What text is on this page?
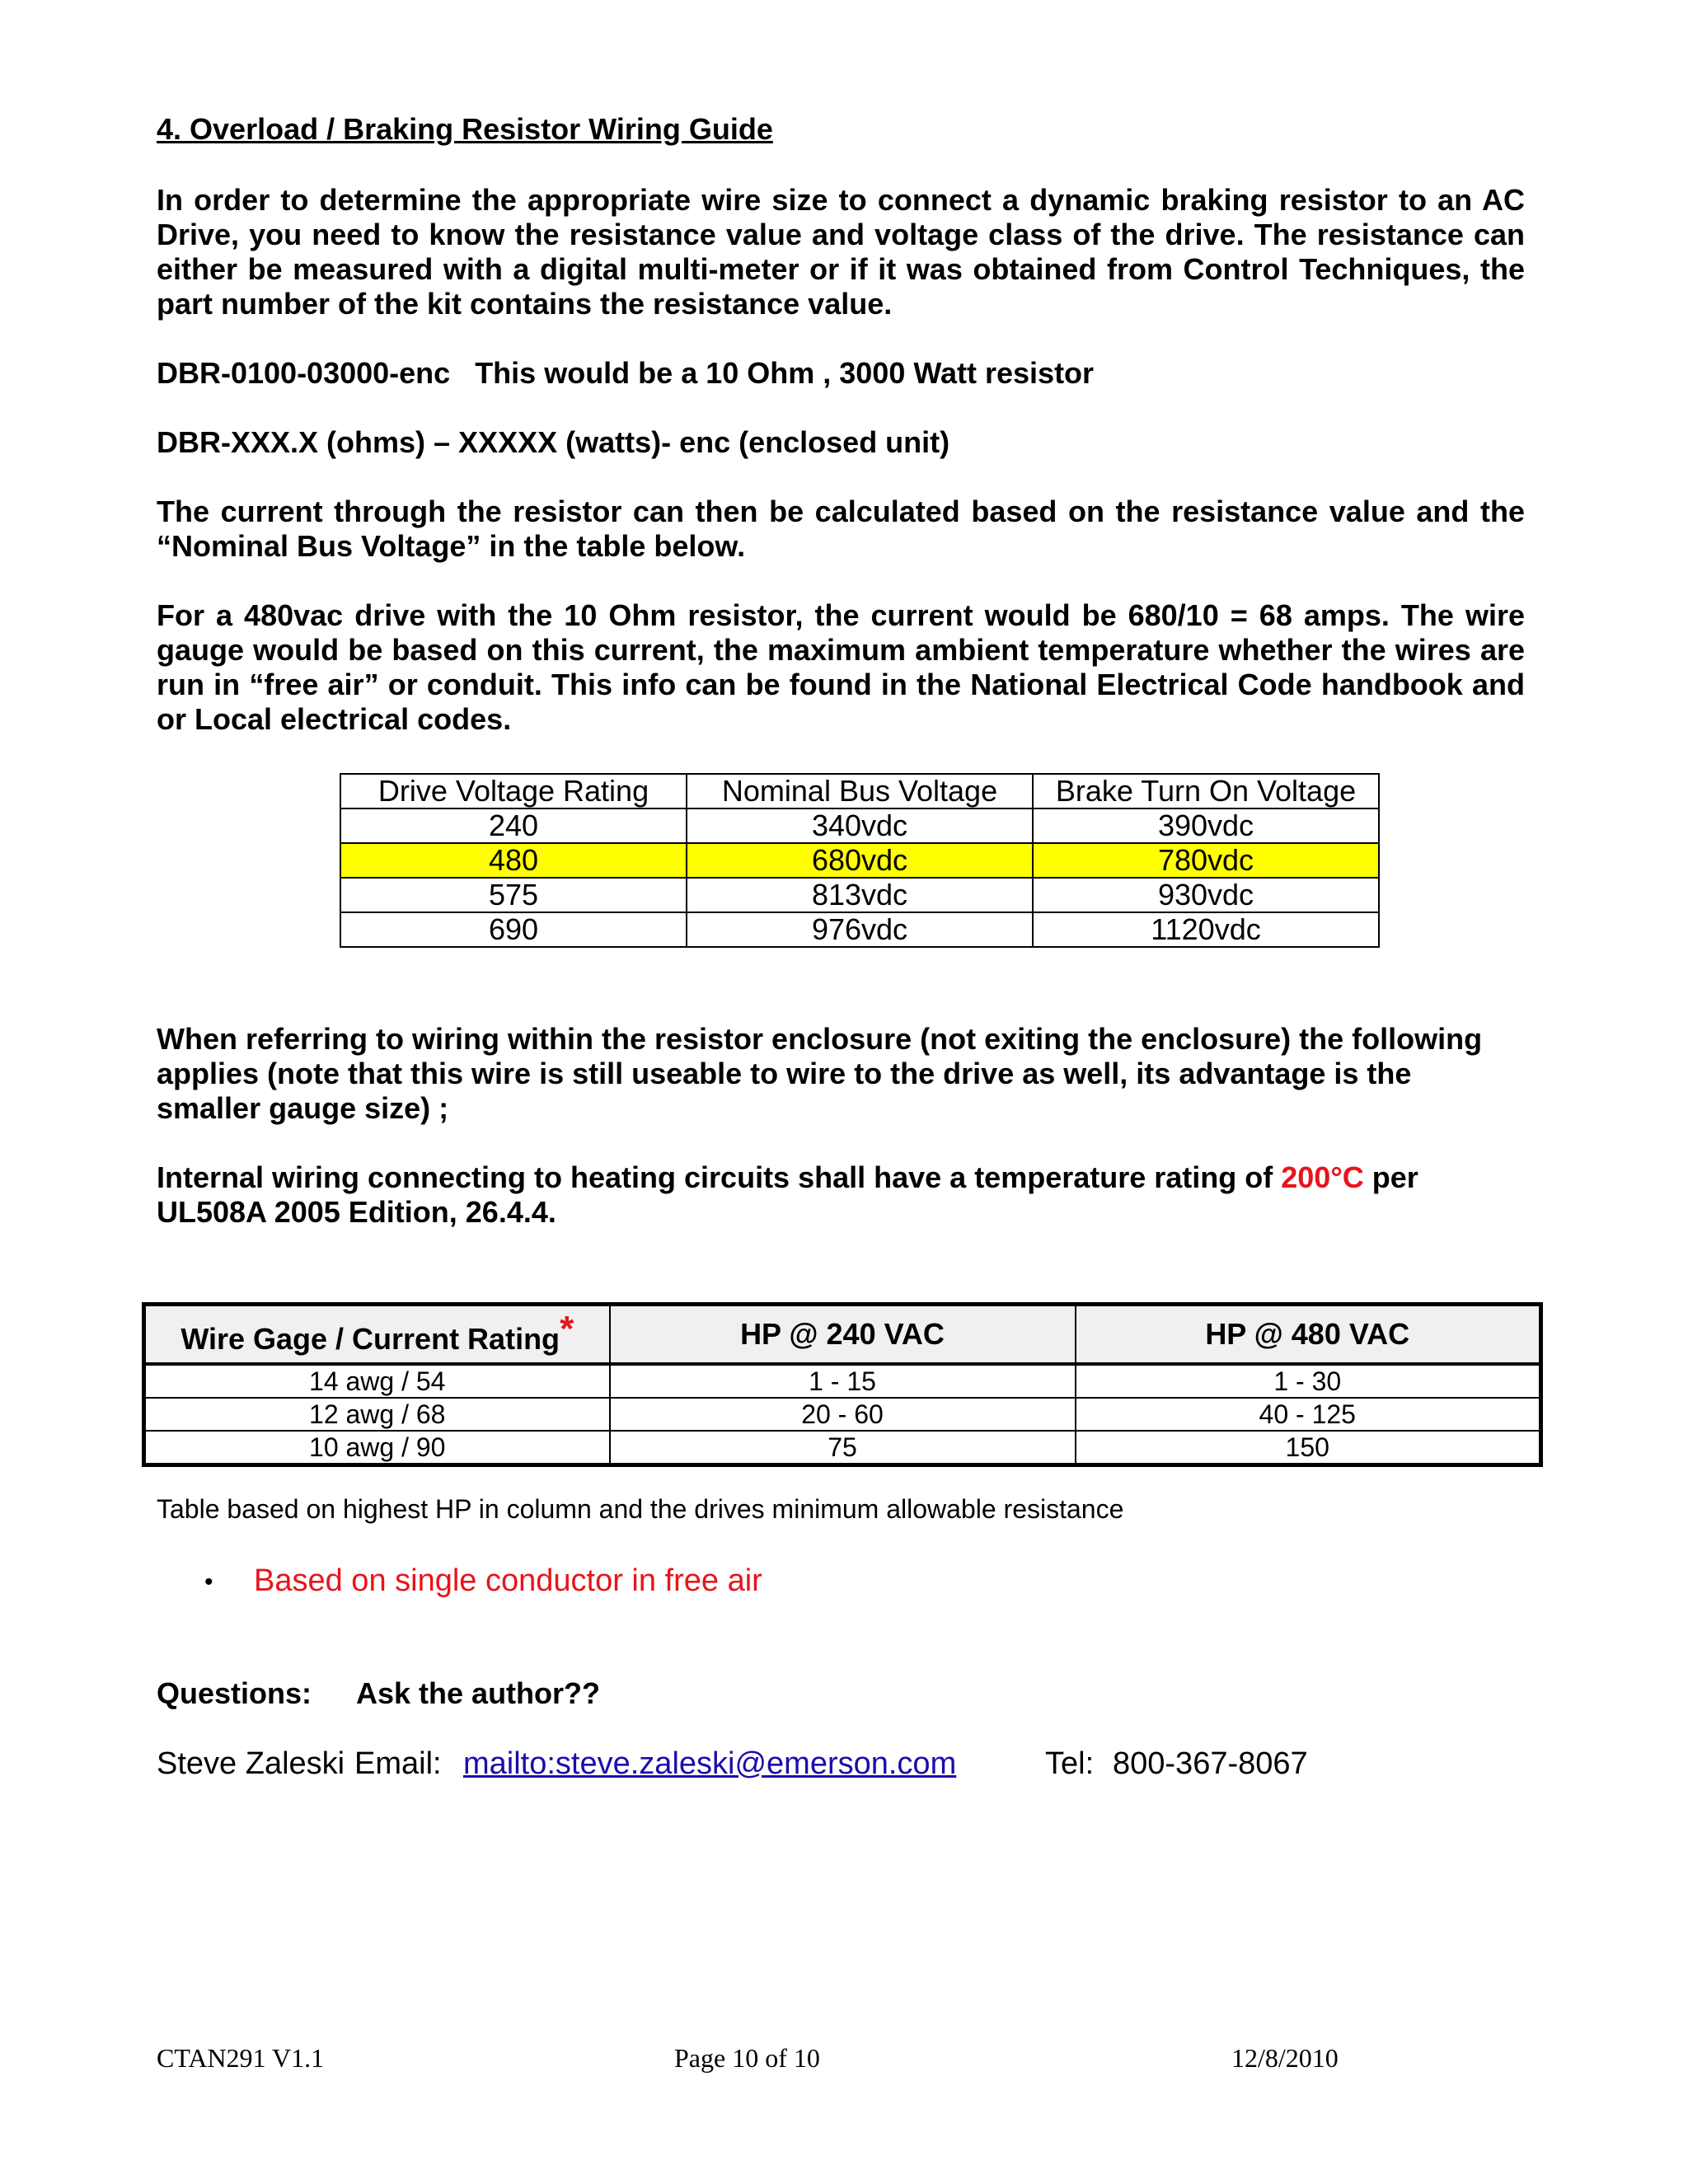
4. Overload / Braking Resistor Wiring Guide
In order to determine the appropriate wire size to connect a dynamic braking resistor to an AC Drive, you need to know the resistance value and voltage class of the drive. The resistance can either be measured with a digital multi-meter or if it was obtained from Control Techniques, the part number of the kit contains the resistance value.
DBR-0100-03000-enc   This would be a 10 Ohm , 3000 Watt resistor
DBR-XXX.X (ohms) – XXXXX (watts)- enc (enclosed unit)
The current through the resistor can then be calculated based on the resistance value and the “Nominal Bus Voltage” in the table below.
For a 480vac drive with the 10 Ohm resistor, the current would be 680/10 = 68 amps. The wire gauge would be based on this current, the maximum ambient temperature whether the wires are run in “free air” or conduit. This info can be found in the National Electrical Code handbook and or Local electrical codes.
Drive Voltage Rating	Nominal Bus Voltage	Brake Turn On Voltage
240	340vdc	390vdc
480	680vdc	780vdc
575	813vdc	930vdc
690	976vdc	1120vdc
When referring to wiring within the resistor enclosure (not exiting the enclosure) the following applies (note that this wire is still useable to wire to the drive as well, its advantage is the smaller gauge size) ;
Internal wiring connecting to heating circuits shall have a temperature rating of 200°C per UL508A 2005 Edition, 26.4.4.
Wire Gage / Current Rating*	HP @ 240 VAC	HP @ 480 VAC
14 awg / 54	1 - 15	1 - 30
12 awg / 68	20 - 60	40 - 125
10 awg / 90	75	150
Table based on highest HP in column and the drives minimum allowable resistance
• Based on single conductor in free air
Questions: Ask the author??
Steve Zaleski Email: mailto:steve.zaleski@emerson.com	Tel: 800-367-8067
CTAN291 V1.1	Page 10 of 10	12/8/2010
